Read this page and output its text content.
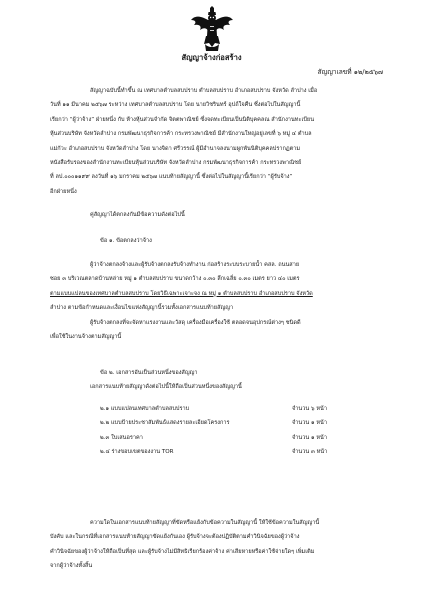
สัญญาจ้างก่อสร้าง
สัญญาเลขที่ ๑๒/๒๕๖๗
สัญญาฉบับนี้ทำขึ้น ณ เทศบาลตำบลสบปราบ ตำบลสบปราบ อำเภอสบปราบ จังหวัด ลำปาง เมื่อ
วันที่ ๑๑ มีนาคม ๒๕๖๗ ระหว่าง เทศบาลตำบลสบปราบ โดย นายวิชรินทร์ อุปถ์ใจคืน ซึ่งต่อไปในสัญญานี้
เรียกว่า “ผู้ว่าจ้าง” ฝ่ายหนึ่ง กับ ห้างหุ้นส่วนจำกัด จิตตพาณิชย์ ซึ่งจดทะเบียนเป็นนิติบุคคลณ สำนักงานทะเบียน
หุ้นส่วนบริษัท จังหวัดลำปาง กรมพัฒนาธุรกิจการค้า กระทรวงพาณิชย์ มีสำนักงานใหญ่อยู่เลขที่ ๖ หมู่ ๔ ตำบล
แม่กัวะ อำเภอสบปราบ จังหวัดลำปาง โดย นางจิดา ศรีวรรณ์ ผู้มีอำนาจลงนามผูกพันนิติบุคคลปรากฏตาม
หนังสือรับรองของสำนักงานทะเบียนหุ้นส่วนบริษัท จังหวัดลำปาง กรมพัฒนาธุรกิจการค้า กระทรวงพาณิชย์
ที่ ลป.๐๐๐๑๑๙๙ ลงวันที่ ๑๖ มกราคม ๒๕๖๗ แนบท้ายสัญญานี้ ซึ่งต่อไปในสัญญานี้เรียกว่า “ผู้รับจ้าง”
อีกฝ่ายหนึ่ง
คู่สัญญาได้ตกลงกันมีข้อความดังต่อไปนี้
ข้อ ๑. ข้อตกลงว่าจ้าง
ผู้ว่าจ้างตกลงจ้างและผู้รับจ้างตกลงรับจ้างทำงาน ก่อสร้างระบบระบายน้ำ คสล. ถนนสาย
ซอย ๓ บริเวณตลาดบ้านหล่าย หมู่ ๑ ตำบลสบปราบ ขนาดกว้าง ๐.๓๐ ลึกเฉลี่ย ๐.๓๐ เมตร ยาว ๔๐ เมตร
ตามแบบแปลนของเทศบาลตำบลสบปราบ โดยวิธีเฉพาะเจาะจง ณ หมู่ ๑ ตำบลสบปราบ อำเภอสบปราบ จังหวัด
ลำปาง ตามข้อกำหนดและเงื่อนไขแห่งสัญญานี้รวมทั้งเอกสารแนบท้ายสัญญา
ผู้รับจ้างตกลงที่จะจัดหาแรงงานและวัสดุ เครื่องมือเครื่องใช้ ตลอดจนอุปกรณ์ต่างๆ ชนิดดี
เพื่อใช้ในงานจ้างตามสัญญานี้
ข้อ ๒. เอกสารอันเป็นส่วนหนึ่งของสัญญา
เอกสารแนบท้ายสัญญาดังต่อไปนี้ให้ถือเป็นส่วนหนึ่งของสัญญานี้
๒.๑ แบบแปลนเทศบาลตำบลสบปราบ	จำนวน ๖ หน้า
๒.๒ แบบป้ายประชาสัมพันธ์แสดงรายละเอียดโครงการ	จำนวน ๑ หน้า
๒.๓ ใบเสนอราคา	จำนวน ๑ หน้า
๒.๔ ร่างขอบเขตของงาน TOR	จำนวน ๓ หน้า
ความใดในเอกสารแนบท้ายสัญญาที่ขัดหรือแย้งกับข้อความในสัญญานี้ ให้ใช้ข้อความในสัญญานี้
บังคับ และในกรณีที่เอกสารแนบท้ายสัญญาขัดแย้งกันเอง ผู้รับจ้างจะต้องปฏิบัติตามคำวินิจฉัยของผู้ว่าจ้าง
คำวินิจฉัยของผู้ว่าจ้างให้ถือเป็นที่สุด และผู้รับจ้างไม่มีสิทธิเรียกร้องค่าจ้าง ค่าเสียหายหรือค่าใช้จ่ายใดๆ เพิ่มเติม
จากผู้ว่าจ้างทั้งสิ้น
